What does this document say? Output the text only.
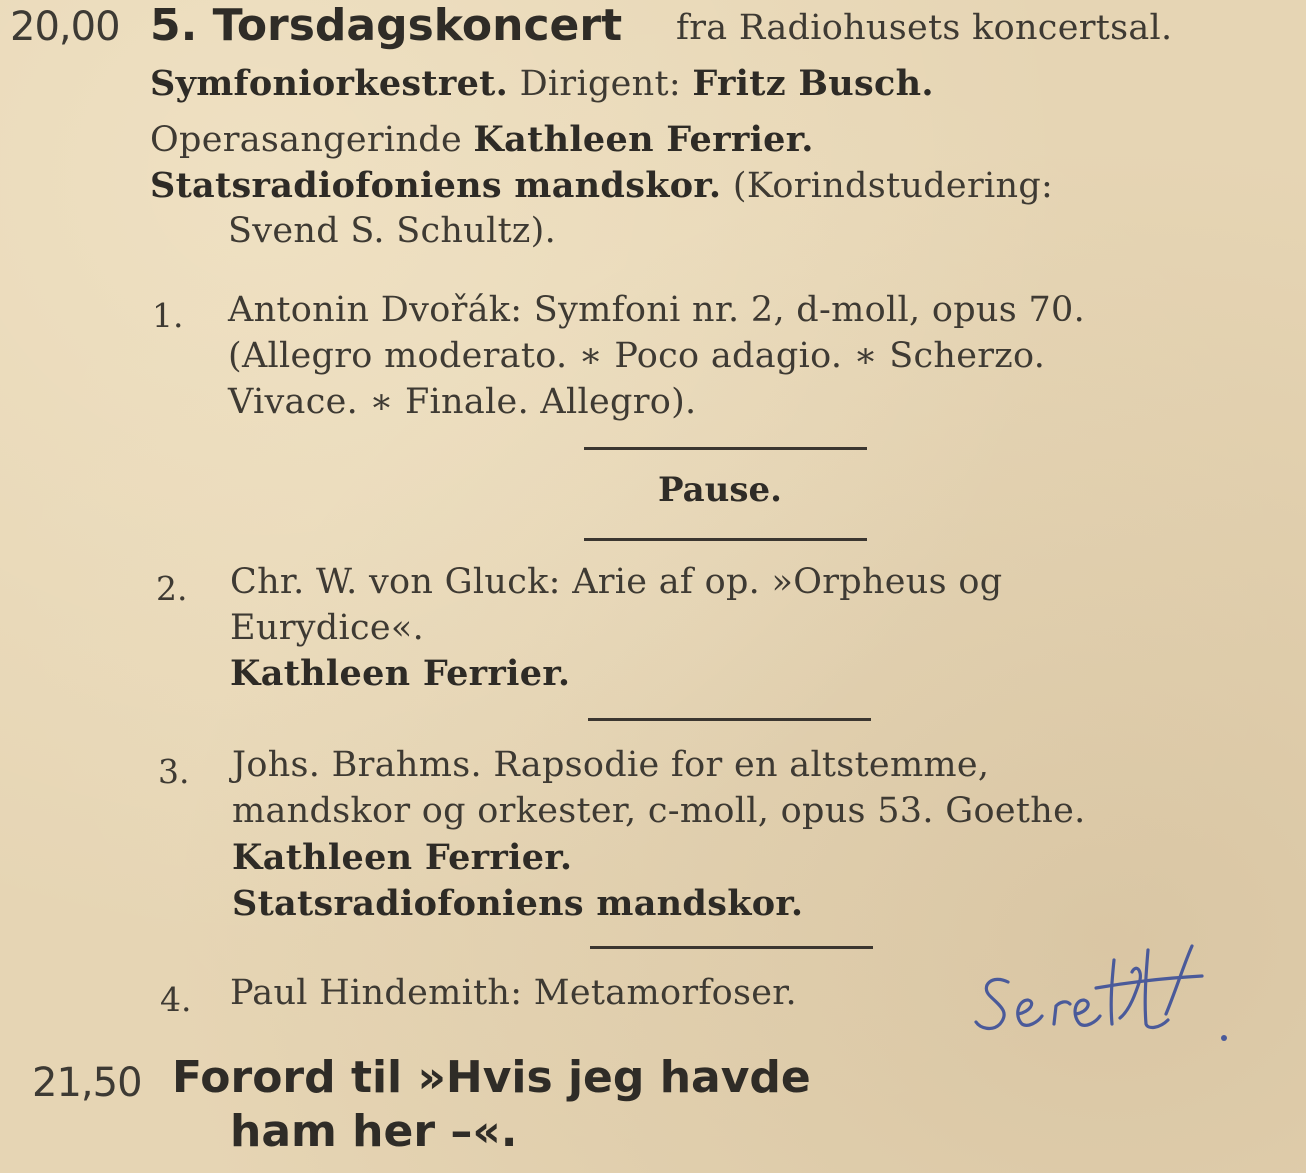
20,00 5. Torsdagskoncert fra Radiohusets koncertsal.
Symfoniorkestret. Dirigent: Fritz Busch.
Operasangerinde Kathleen Ferrier.
Statsradiofoniens mandskor. (Korindstudering:
Svend S. Schultz).
1. Antonin Dvořák: Symfoni nr. 2, d-moll, opus 70.
(Allegro moderato. ∗ Poco adagio. ∗ Scherzo.
Vivace. ∗ Finale. Allegro).
Pause.
2. Chr. W. von Gluck: Arie af op. »Orpheus og
Eurydice«.
Kathleen Ferrier.
3. Johs. Brahms. Rapsodie for en altstemme,
mandskor og orkester, c-moll, opus 53. Goethe.
Kathleen Ferrier.
Statsradiofoniens mandskor.
4. Paul Hindemith: Metamorfoser.
21,50 Forord til »Hvis jeg havde
ham her –«.
